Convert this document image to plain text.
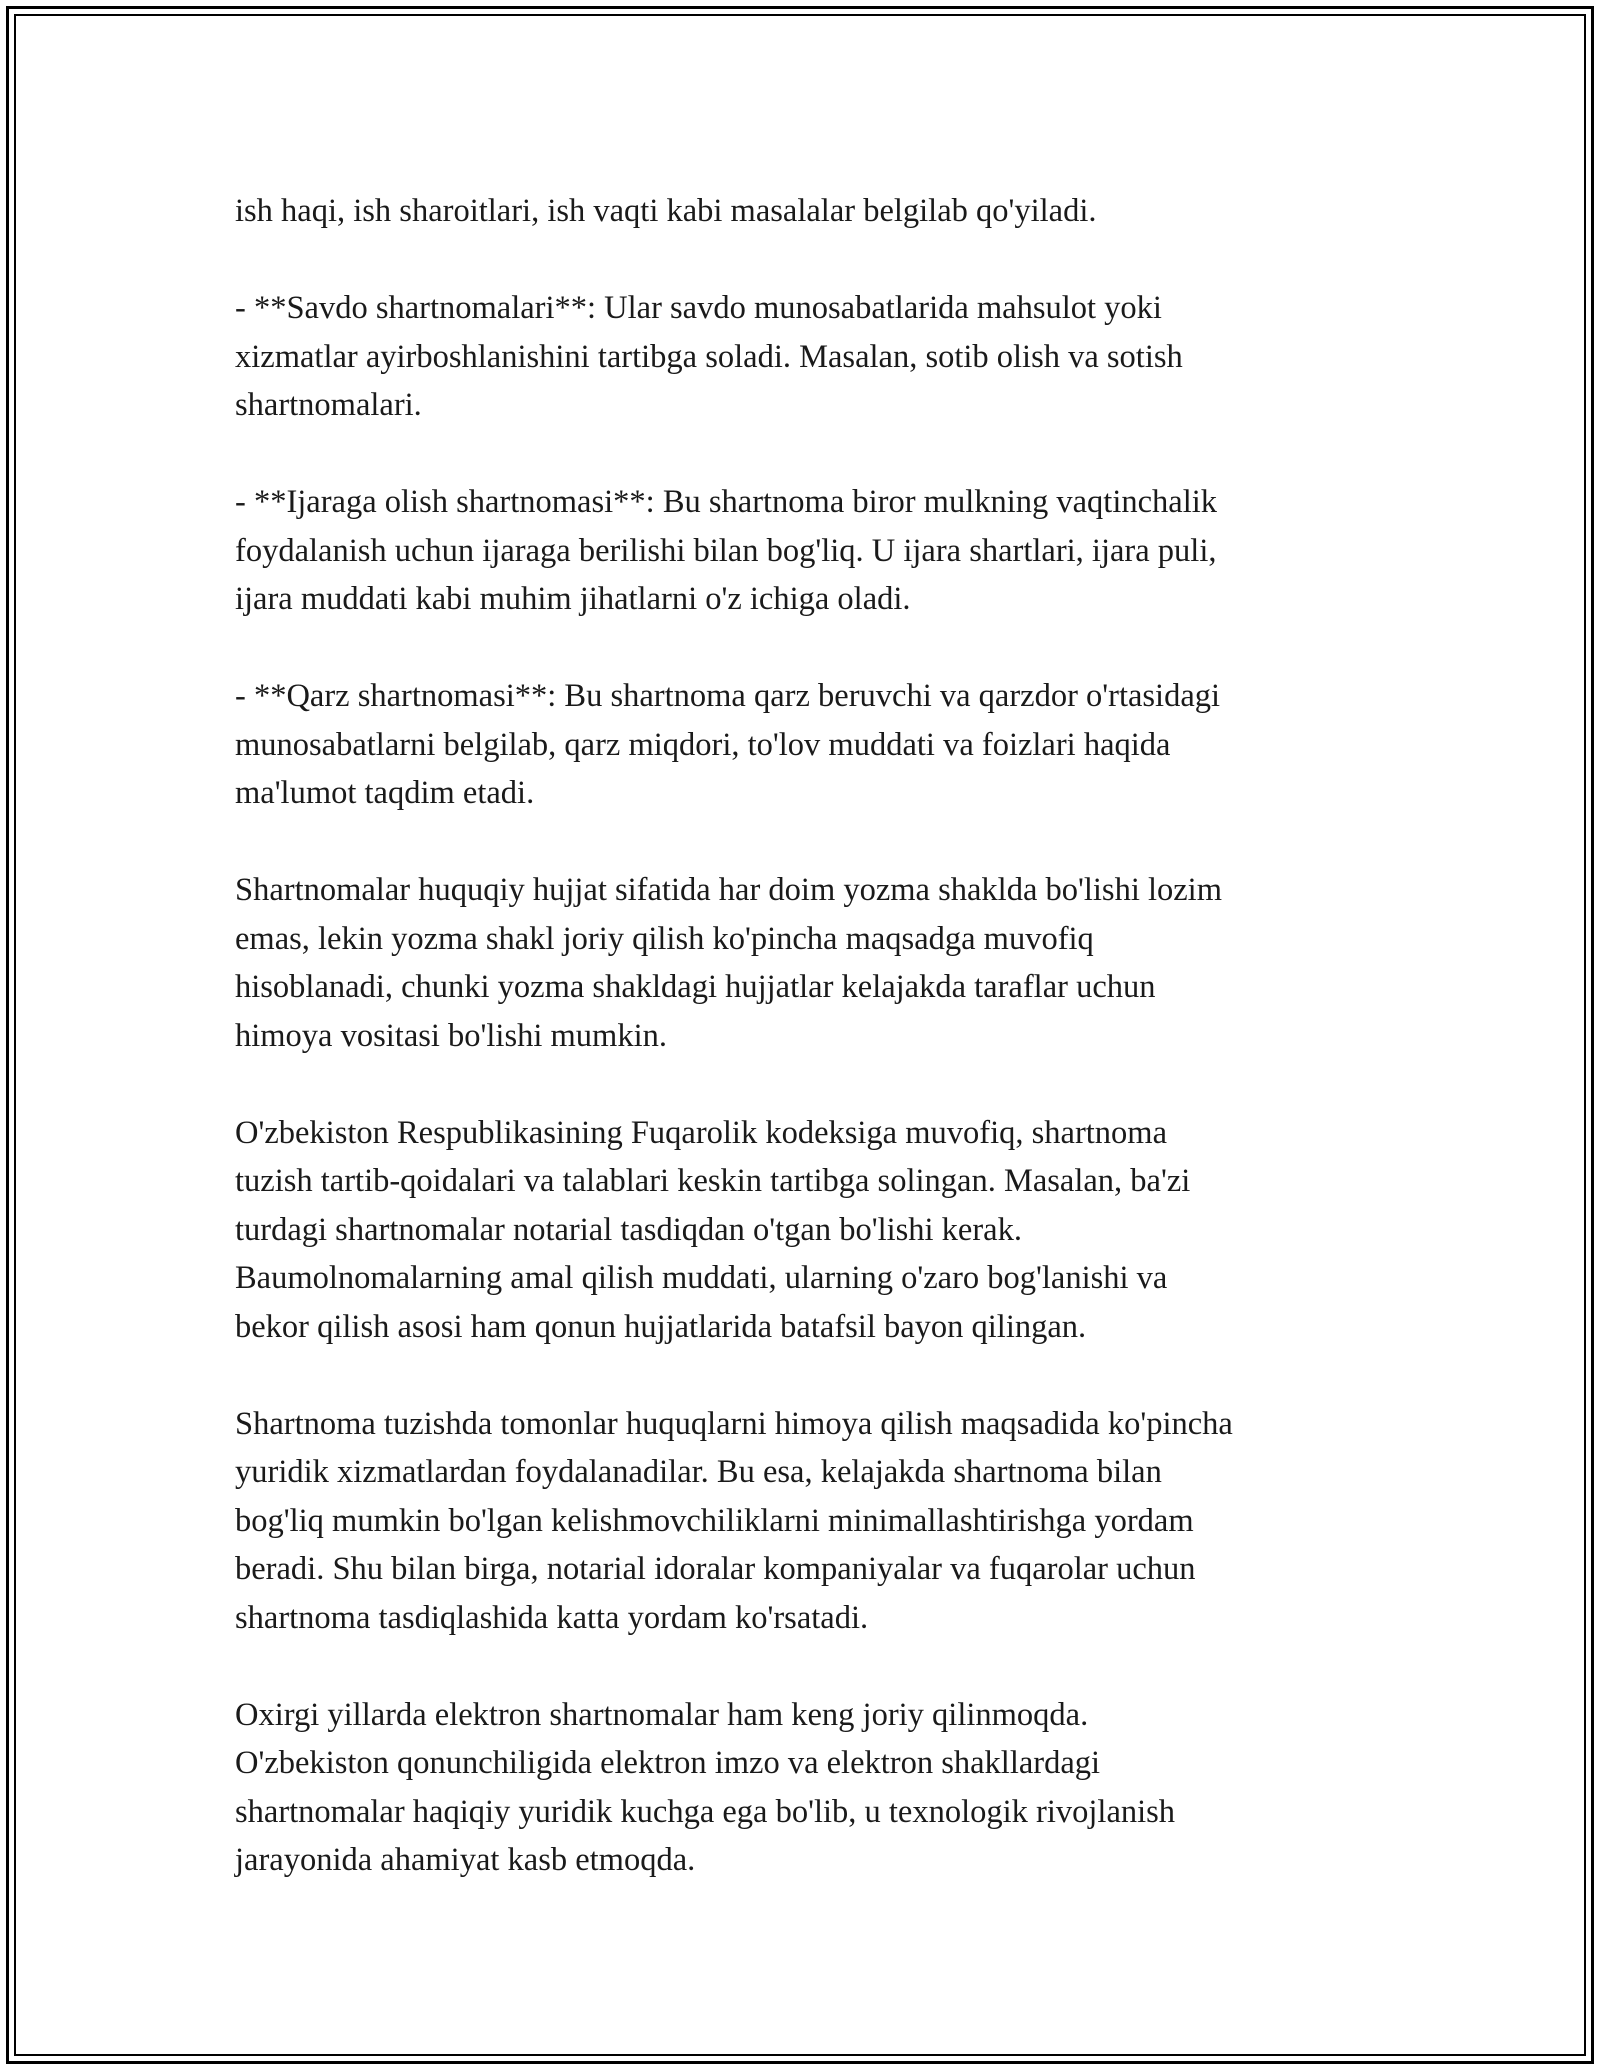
ish haqi, ish sharoitlari, ish vaqti kabi masalalar belgilab qo'yiladi.

- **Savdo shartnomalari**: Ular savdo munosabatlarida mahsulot yoki
xizmatlar ayirboshlanishini tartibga soladi. Masalan, sotib olish va sotish
shartnomalari.

- **Ijaraga olish shartnomasi**: Bu shartnoma biror mulkning vaqtinchalik
foydalanish uchun ijaraga berilishi bilan bog'liq. U ijara shartlari, ijara puli,
ijara muddati kabi muhim jihatlarni o'z ichiga oladi.

- **Qarz shartnomasi**: Bu shartnoma qarz beruvchi va qarzdor o'rtasidagi
munosabatlarni belgilab, qarz miqdori, to'lov muddati va foizlari haqida
ma'lumot taqdim etadi.

Shartnomalar huquqiy hujjat sifatida har doim yozma shaklda bo'lishi lozim
emas, lekin yozma shakl joriy qilish ko'pincha maqsadga muvofiq
hisoblanadi, chunki yozma shakldagi hujjatlar kelajakda taraflar uchun
himoya vositasi bo'lishi mumkin.

O'zbekiston Respublikasining Fuqarolik kodeksiga muvofiq, shartnoma
tuzish tartib-qoidalari va talablari keskin tartibga solingan. Masalan, ba'zi
turdagi shartnomalar notarial tasdiqdan o'tgan bo'lishi kerak.
Baumolnomalarning amal qilish muddati, ularning o'zaro bog'lanishi va
bekor qilish asosi ham qonun hujjatlarida batafsil bayon qilingan.

Shartnoma tuzishda tomonlar huquqlarni himoya qilish maqsadida ko'pincha
yuridik xizmatlardan foydalanadilar. Bu esa, kelajakda shartnoma bilan
bog'liq mumkin bo'lgan kelishmovchiliklarni minimallashtirishga yordam
beradi. Shu bilan birga, notarial idoralar kompaniyalar va fuqarolar uchun
shartnoma tasdiqlashida katta yordam ko'rsatadi.

Oxirgi yillarda elektron shartnomalar ham keng joriy qilinmoqda.
O'zbekiston qonunchiligida elektron imzo va elektron shakllardagi
shartnomalar haqiqiy yuridik kuchga ega bo'lib, u texnologik rivojlanish
jarayonida ahamiyat kasb etmoqda.
